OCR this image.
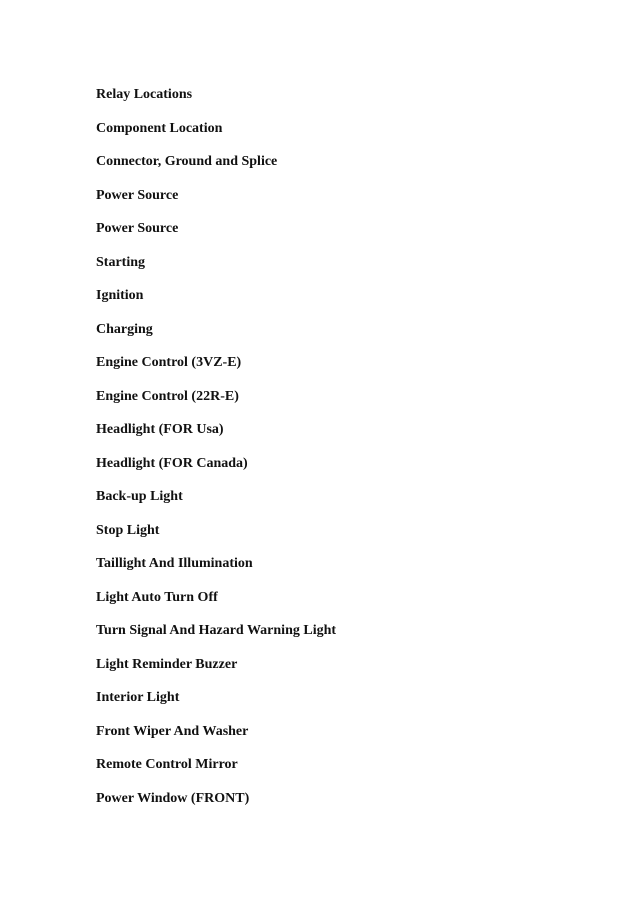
Relay Locations
Component Location
Connector, Ground and Splice
Power Source
Power Source
Starting
Ignition
Charging
Engine Control (3VZ-E)
Engine Control (22R-E)
Headlight (FOR Usa)
Headlight (FOR Canada)
Back-up Light
Stop Light
Taillight And Illumination
Light Auto Turn Off
Turn Signal And Hazard Warning Light
Light Reminder Buzzer
Interior Light
Front Wiper And Washer
Remote Control Mirror
Power Window (FRONT)
